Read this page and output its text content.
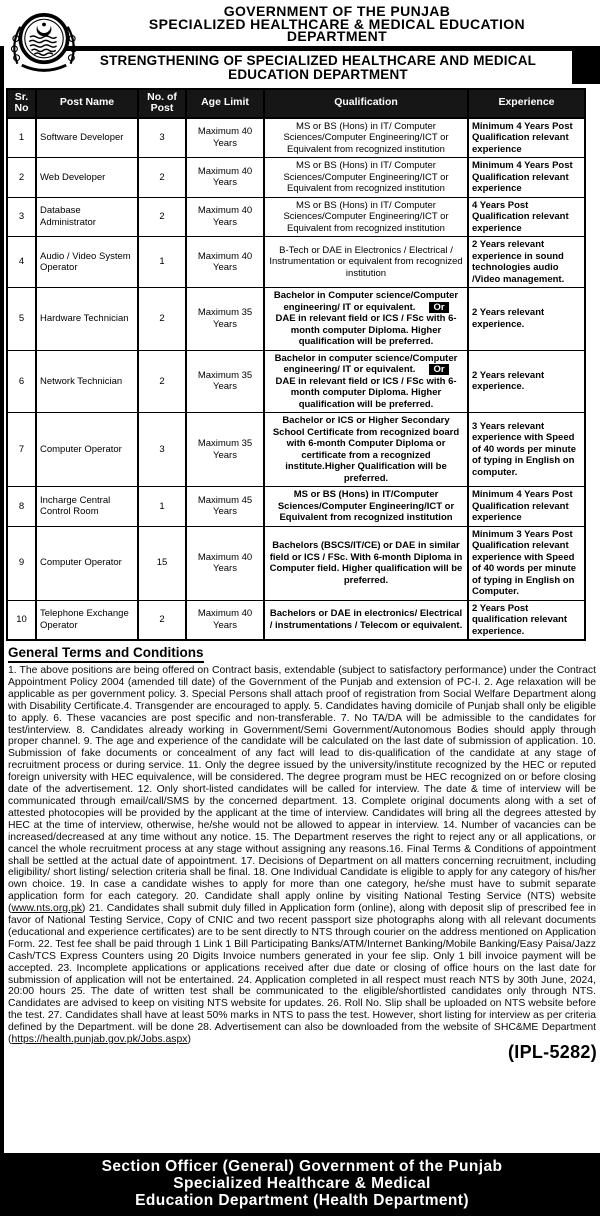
GOVERNMENT OF THE PUNJAB
SPECIALIZED HEALTHCARE & MEDICAL EDUCATION
DEPARTMENT
STRENGTHENING OF SPECIALIZED HEALTHCARE AND MEDICAL EDUCATION DEPARTMENT
Sr. No	Post Name	No. of Post	Age Limit	Qualification	Experience
1	Software Developer	3	Maximum 40 Years	MS or BS (Hons) in IT/ Computer Sciences/Computer Engineering/ICT or Equivalent from recognized institution	Minimum 4 Years Post Qualification relevant experience
2	Web Developer	2	Maximum 40 Years	MS or BS (Hons) in IT/ Computer Sciences/Computer Engineering/ICT or Equivalent from recognized institution	Minimum 4 Years Post Qualification relevant experience
3	Database Administrator	2	Maximum 40 Years	MS or BS (Hons) in IT/ Computer Sciences/Computer Engineering/ICT or Equivalent from recognized institution	4 Years Post Qualification relevant experience
4	Audio / Video System Operator	1	Maximum 40 Years	B-Tech or DAE in Electronics / Electrical / Instrumentation or equivalent from recognized institution	2 Years relevant experience in sound technologies audio /Video management.
5	Hardware Technician	2	Maximum 35 Years	Bachelor in Computer science/Computer engineering/ IT or equivalent. Or
DAE in relevant field or ICS / FSc with 6-month computer Diploma. Higher qualification will be preferred.	2 Years relevant experience.
6	Network Technician	2	Maximum 35 Years	Bachelor in computer science/Computer engineering/ IT or equivalent. Or
DAE in relevant field or ICS / FSc with 6-month computer Diploma. Higher qualification will be preferred.	2 Years relevant experience.
7	Computer Operator	3	Maximum 35 Years	Bachelor or ICS or Higher Secondary School Certificate from recognized board with 6-month Computer Diploma or certificate from a recognized institute.Higher Qualification will be preferred.	3 Years relevant experience with Speed of 40 words per minute of typing in English on computer.
8	Incharge Central Control Room	1	Maximum 45 Years	MS or BS (Hons) in IT/Computer Sciences/Computer Engineering/ICT or Equivalent from recognized institution	Minimum 4 Years Post Qualification relevant experience
9	Computer Operator	15	Maximum 40 Years	Bachelors (BSCS/IT/CE) or DAE in similar field or ICS / FSc. With 6-month Diploma in Computer field. Higher qualification will be preferred.	Minimum 3 Years Post Qualification relevant experience with Speed of 40 words per minute of typing in English on Computer.
10	Telephone Exchange Operator	2	Maximum 40 Years	Bachelors or DAE in electronics/ Electrical / instrumentations / Telecom or equivalent.	2 Years Post qualification relevant experience.
General Terms and Conditions

1. The above positions are being offered on Contract basis, extendable (subject to satisfactory performance) under the Contract Appointment Policy 2004 (amended till date) of the Government of the Punjab and extension of PC-I. 2. Age relaxation will be applicable as per government policy. 3. Special Persons shall attach proof of registration from Social Welfare Department along with Disability Certificate.4. Transgender are encouraged to apply. 5. Candidates having domicile of Punjab shall only be eligible to apply. 6. These vacancies are post specific and non-transferable. 7. No TA/DA will be admissible to the candidates for test/interview. 8. Candidates already working in Government/Semi Government/Autonomous Bodies should apply through proper channel. 9. The age and experience of the candidate will be calculated on the last date of submission of application. 10. Submission of fake documents or concealment of any fact will lead to dis-qualification of the candidate at any stage of recruitment process or during service. 11. Only the degree issued by the university/institute recognized by the HEC or reputed foreign university with HEC equivalence, will be considered. The degree program must be HEC recognized on or before closing date of the advertisement. 12. Only short-listed candidates will be called for interview. The date & time of interview will be communicated through email/call/SMS by the concerned department. 13. Complete original documents along with a set of attested photocopies will be provided by the applicant at the time of interview. Candidates will bring all the degrees attested by HEC at the time of interview, otherwise, he/she would not be allowed to appear in interview. 14. Number of vacancies can be increased/decreased at any time without any notice. 15. The Department reserves the right to reject any or all applications, or cancel the whole recruitment process at any stage without assigning any reasons.16. Final Terms & Conditions of appointment shall be settled at the actual date of appointment. 17. Decisions of Department on all matters concerning recruitment, including eligibility/ short listing/ selection criteria shall be final. 18. One Individual Candidate is eligible to apply for any category of his/her own choice. 19. In case a candidate wishes to apply for more than one category, he/she must have to submit separate application form for each category. 20. Candidate shall apply online by visiting National Testing Service (NTS) website (www.nts.org.pk) 21. Candidates shall submit duly filled in Application form (online), along with deposit slip of prescribed fee in favor of National Testing Service, Copy of CNIC and two recent passport size photographs along with all relevant documents (educational and experience certificates) are to be sent directly to NTS through courier on the address mentioned on Application Form. 22. Test fee shall be paid through 1 Link 1 Bill Participating Banks/ATM/Internet Banking/Mobile Banking/Easy Paisa/Jazz Cash/TCS Express Counters using 20 Digits Invoice numbers generated in your fee slip. Only 1 bill invoice payment will be accepted. 23. Incomplete applications or applications received after due date or closing of office hours on the last date for submission of application will not be entertained. 24. Application completed in all respect must reach NTS by 30th June, 2024, 20:00 hours 25. The date of written test shall be communicated to the eligible/shortlisted candidates only through NTS. Candidates are advised to keep on visiting NTS website for updates. 26. Roll No. Slip shall be uploaded on NTS website before the test. 27. Candidates shall have at least 50% marks in NTS to pass the test. However, short listing for interview as per criteria defined by the Department. will be done 28. Advertisement can also be downloaded from the website of SHC&ME Department (https://health.punjab.gov.pk/Jobs.aspx)

(IPL-5282)
Section Officer (General) Government of the Punjab
Specialized Healthcare & Medical
Education Department (Health Department)
